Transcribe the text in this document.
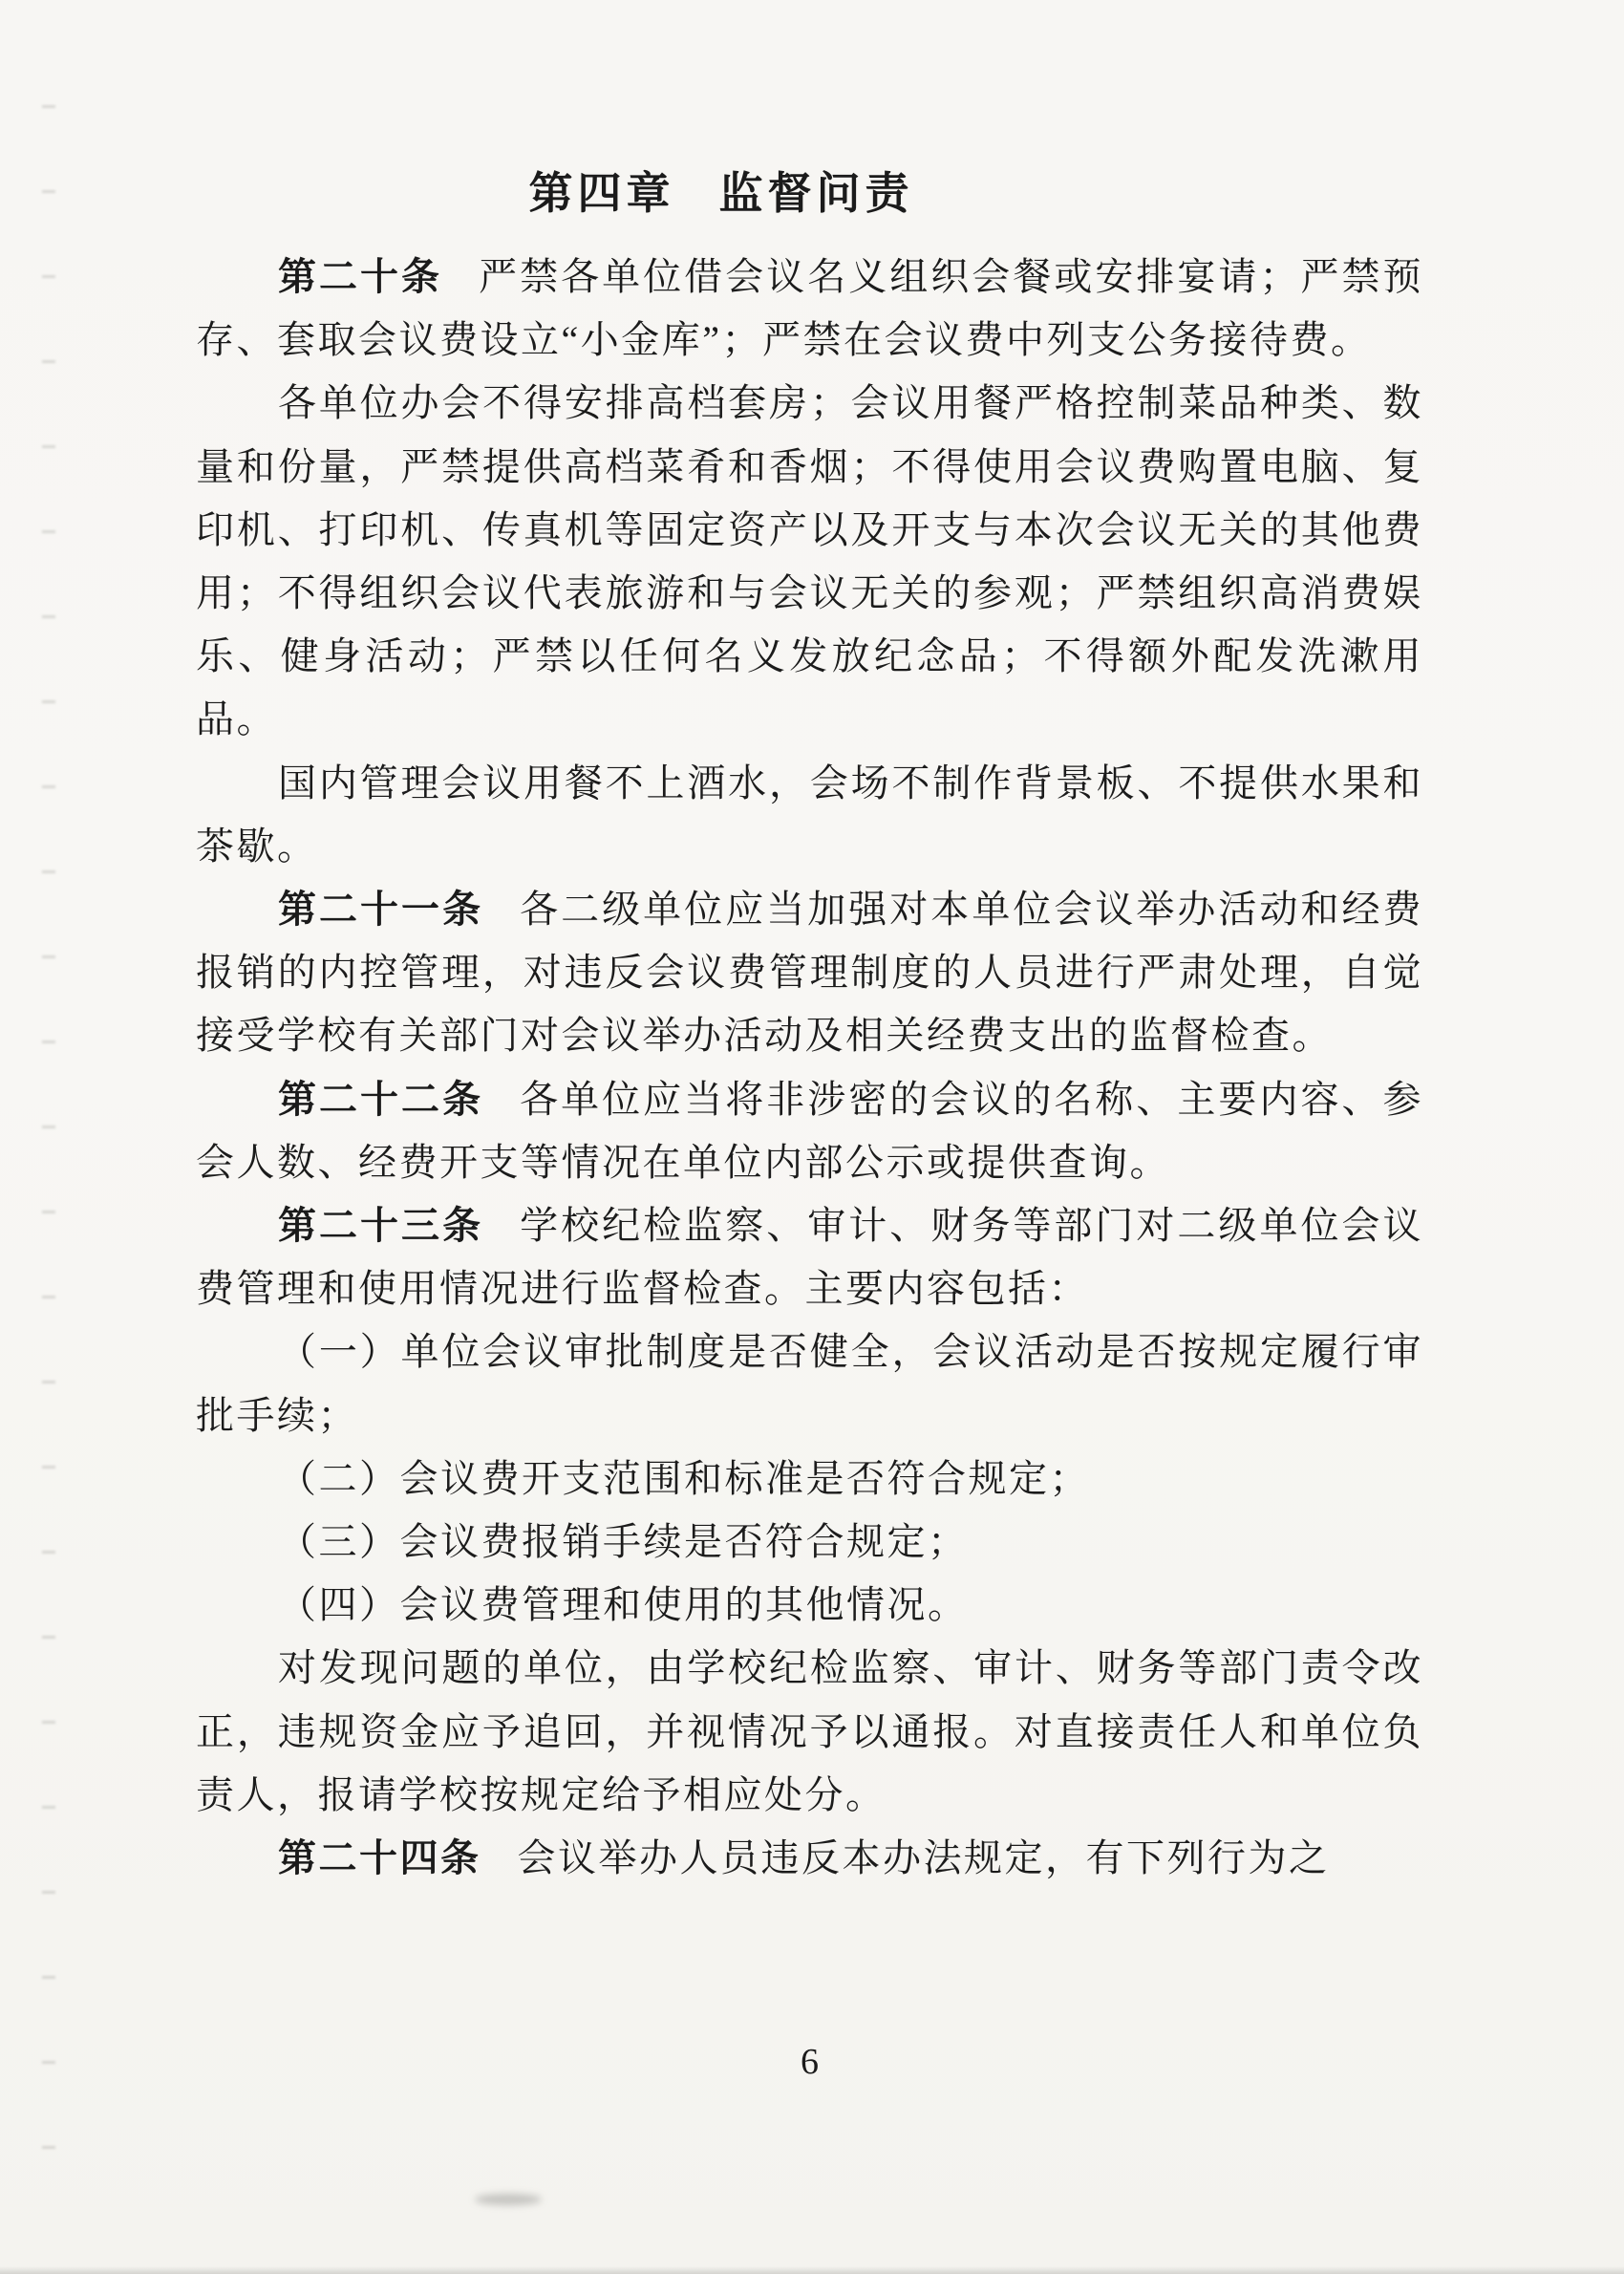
第四章 监督问责

第二十条 严禁各单位借会议名义组织会餐或安排宴请；严禁预存、套取会议费设立“小金库”；严禁在会议费中列支公务接待费。

各单位办会不得安排高档套房；会议用餐严格控制菜品种类、数量和份量，严禁提供高档菜肴和香烟；不得使用会议费购置电脑、复印机、打印机、传真机等固定资产以及开支与本次会议无关的其他费用；不得组织会议代表旅游和与会议无关的参观；严禁组织高消费娱乐、健身活动；严禁以任何名义发放纪念品；不得额外配发洗漱用品。

国内管理会议用餐不上酒水，会场不制作背景板、不提供水果和茶歇。

第二十一条 各二级单位应当加强对本单位会议举办活动和经费报销的内控管理，对违反会议费管理制度的人员进行严肃处理，自觉接受学校有关部门对会议举办活动及相关经费支出的监督检查。

第二十二条 各单位应当将非涉密的会议的名称、主要内容、参会人数、经费开支等情况在单位内部公示或提供查询。

第二十三条 学校纪检监察、审计、财务等部门对二级单位会议费管理和使用情况进行监督检查。主要内容包括：

（一）单位会议审批制度是否健全，会议活动是否按规定履行审批手续；

（二）会议费开支范围和标准是否符合规定；

（三）会议费报销手续是否符合规定；

（四）会议费管理和使用的其他情况。

对发现问题的单位，由学校纪检监察、审计、财务等部门责令改正，违规资金应予追回，并视情况予以通报。对直接责任人和单位负责人，报请学校按规定给予相应处分。

第二十四条 会议举办人员违反本办法规定，有下列行为之

6
